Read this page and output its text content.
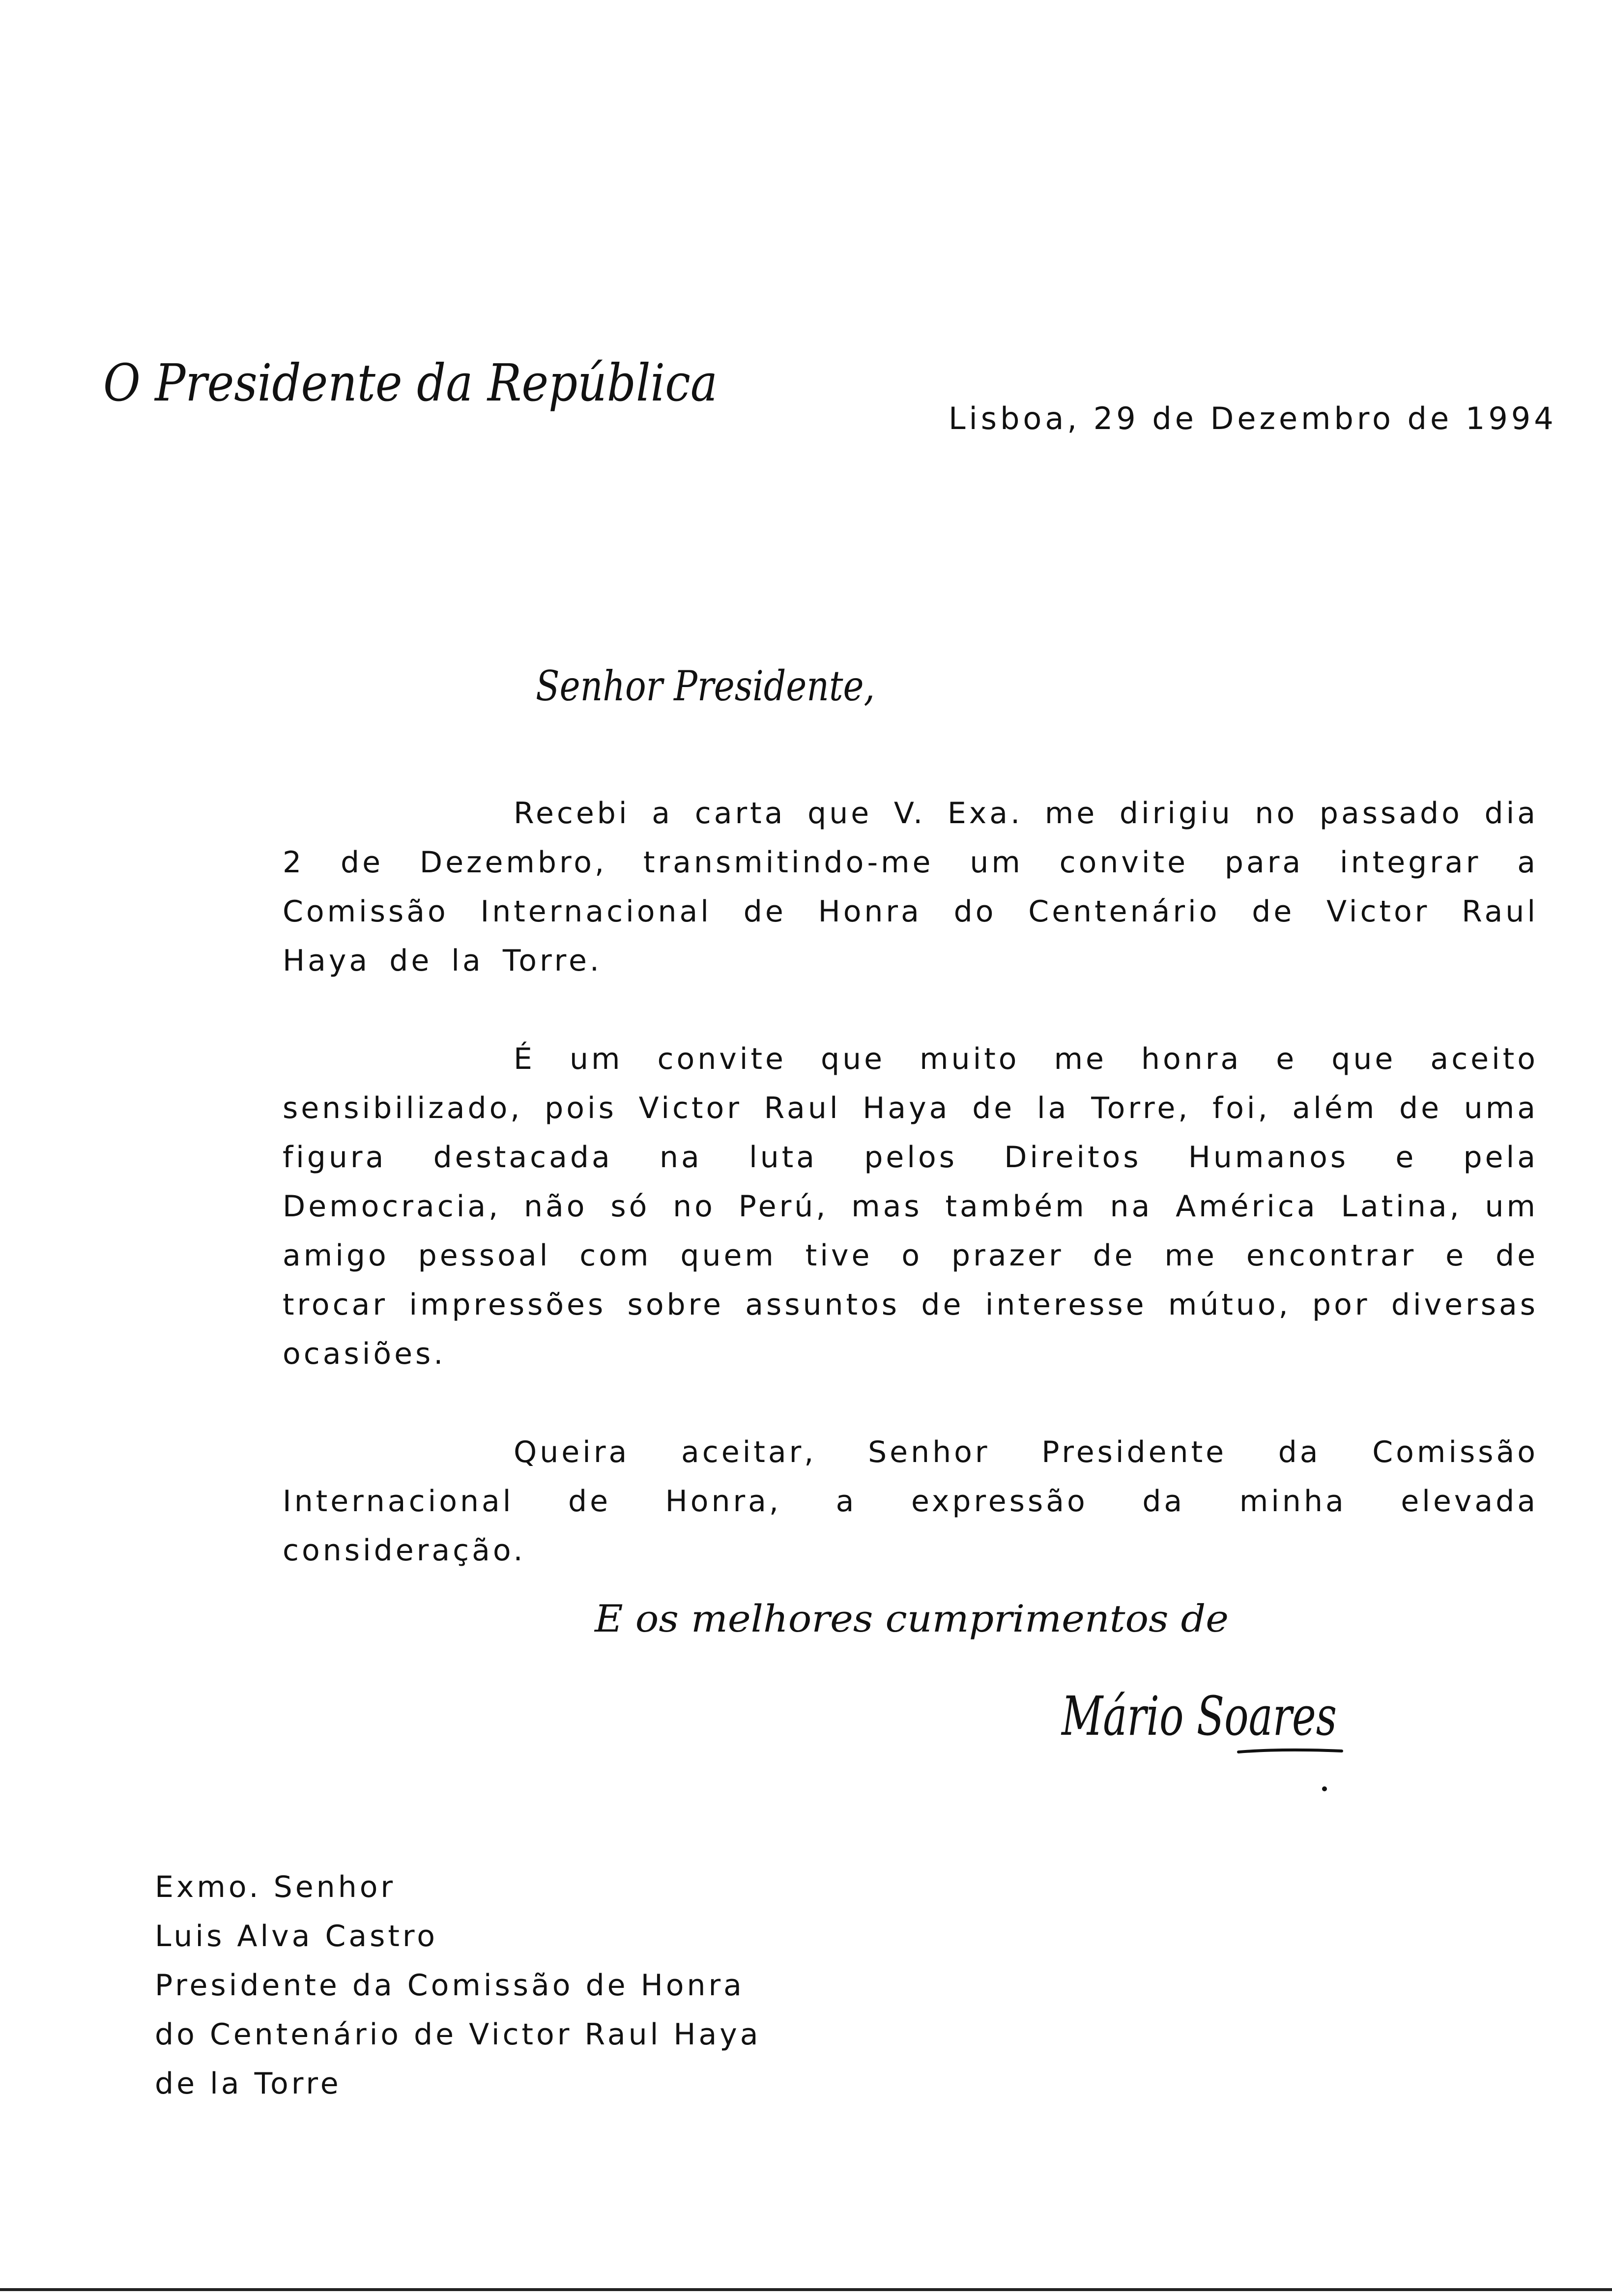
O Presidente da República
Lisboa, 29 de Dezembro de 1994
Senhor Presidente,
Recebi a carta que V. Exa. me dirigiu no passado dia 2 de Dezembro, transmitindo-me um convite para integrar a Comissão Internacional de Honra do Centenário de Victor Raul Haya de la Torre.
É um convite que muito me honra e que aceito sensibilizado, pois Victor Raul Haya de la Torre, foi, além de uma figura destacada na luta pelos Direitos Humanos e pela Democracia, não só no Perú, mas também na América Latina, um amigo pessoal com quem tive o prazer de me encontrar e de trocar impressões sobre assuntos de interesse mútuo, por diversas ocasiões.
Queira aceitar, Senhor Presidente da Comissão Internacional de Honra, a expressão da minha elevada consideração.
E os melhores cumprimentos de
Mário Soares
Exmo. Senhor
Luis Alva Castro
Presidente da Comissão de Honra
do Centenário de Victor Raul Haya
de la Torre
